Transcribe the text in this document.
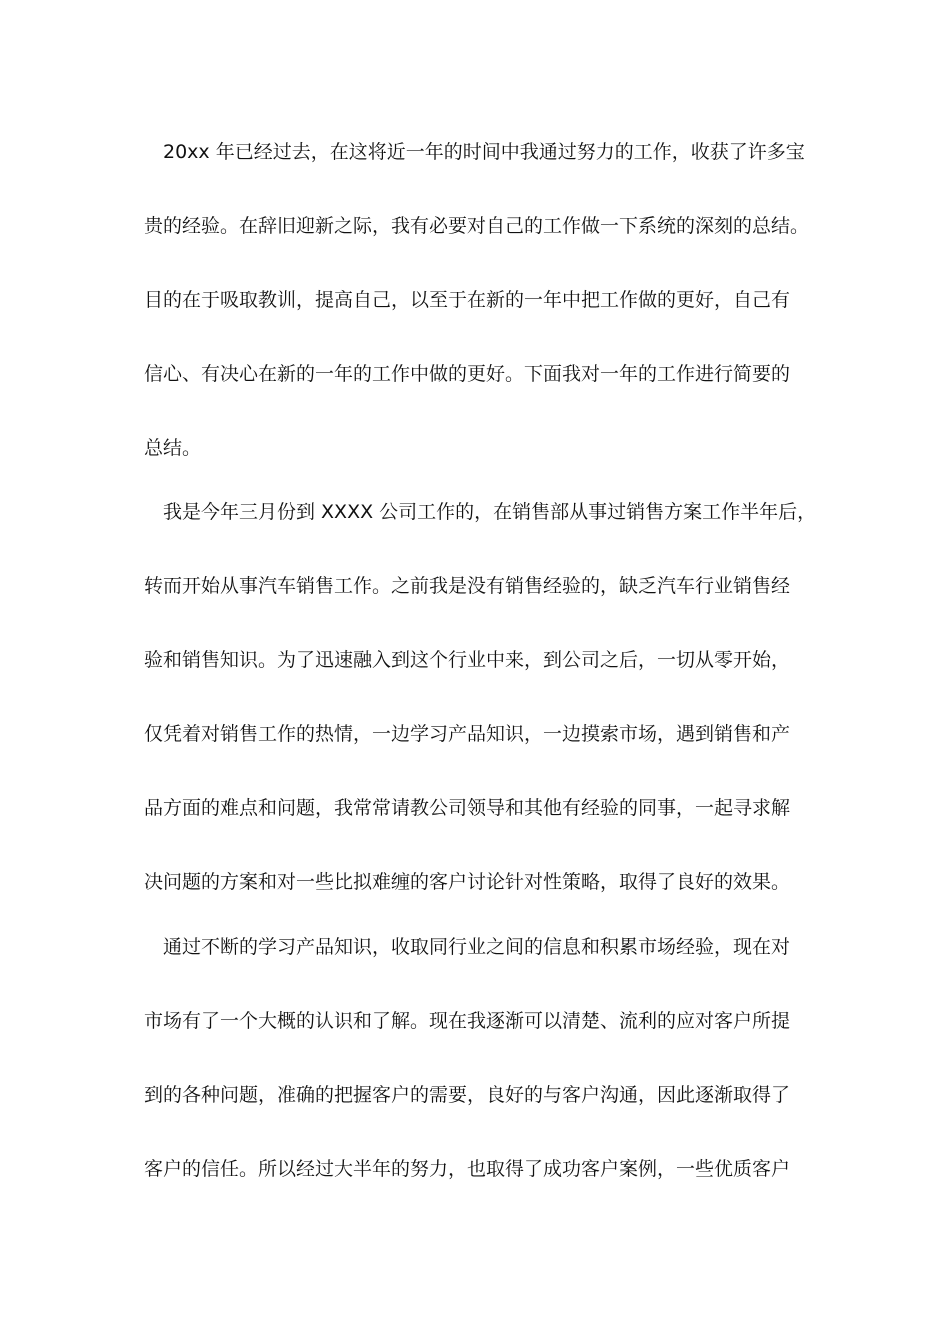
20xx 年已经过去，在这将近一年的时间中我通过努力的工作，收获了许多宝
贵的经验。在辞旧迎新之际，我有必要对自己的工作做一下系统的深刻的总结。
目的在于吸取教训，提高自己，以至于在新的一年中把工作做的更好，自己有
信心、有决心在新的一年的工作中做的更好。下面我对一年的工作进行简要的
总结。
我是今年三月份到 XXXX 公司工作的，在销售部从事过销售方案工作半年后，
转而开始从事汽车销售工作。之前我是没有销售经验的，缺乏汽车行业销售经
验和销售知识。为了迅速融入到这个行业中来，到公司之后，一切从零开始，
仅凭着对销售工作的热情，一边学习产品知识，一边摸索市场，遇到销售和产
品方面的难点和问题，我常常请教公司领导和其他有经验的同事，一起寻求解
决问题的方案和对一些比拟难缠的客户讨论针对性策略，取得了良好的效果。
通过不断的学习产品知识，收取同行业之间的信息和积累市场经验，现在对
市场有了一个大概的认识和了解。现在我逐渐可以清楚、流利的应对客户所提
到的各种问题，准确的把握客户的需要，良好的与客户沟通，因此逐渐取得了
客户的信任。所以经过大半年的努力，也取得了成功客户案例，一些优质客户
